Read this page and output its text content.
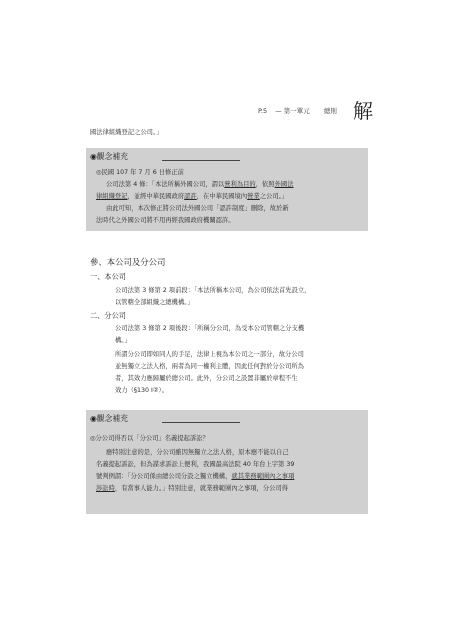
P.5 — 第一單元 總則 解
國法律組織登記之公司。」
◉觀念補充
◎民國 107 年 7 月 6 日修正前
公司法第 4 條：「本法所稱外國公司，謂以營利為目的，依照外國法
律組織登記，並經中華民國政府認許，在中華民國境內營業之公司。」
由此可知，本次修正將公司法外國公司「認許制度」刪除，故於新
法時代之外國公司將不用再經我國政府機關認許。
參、本公司及分公司
一、本公司
公司法第 3 條第 2 項前段：「本法所稱本公司，為公司依法首先設立，
以管轄全部組織之總機構。」
二、分公司
公司法第 3 條第 2 項後段：「所稱分公司，為受本公司管轄之分支機
構。」
所謂分公司即如同人的手足，法律上視為本公司之一部分，故分公司
並無獨立之法人格，兩者為同一權利主體，因此任何對於分公司所為
者，其效力應歸屬於總公司。此外，分公司之設置非屬於章程不生
效力（§130 Ⅰ②）。
◉觀念補充
◎分公司得否以「分公司」名義提起訴訟？
應特別注意的是，分公司雖因無獨立之法人格，原本應不能以自己
名義提起訴訟，但為謀求訴訟上便利，我國最高法院 40 年台上字第 39
號判例謂：「分公司係由總公司分設之獨立機構，就其業務範圍內之事項
涉訟時，有當事人能力。」特別注意，就業務範圍內之事項，分公司得
